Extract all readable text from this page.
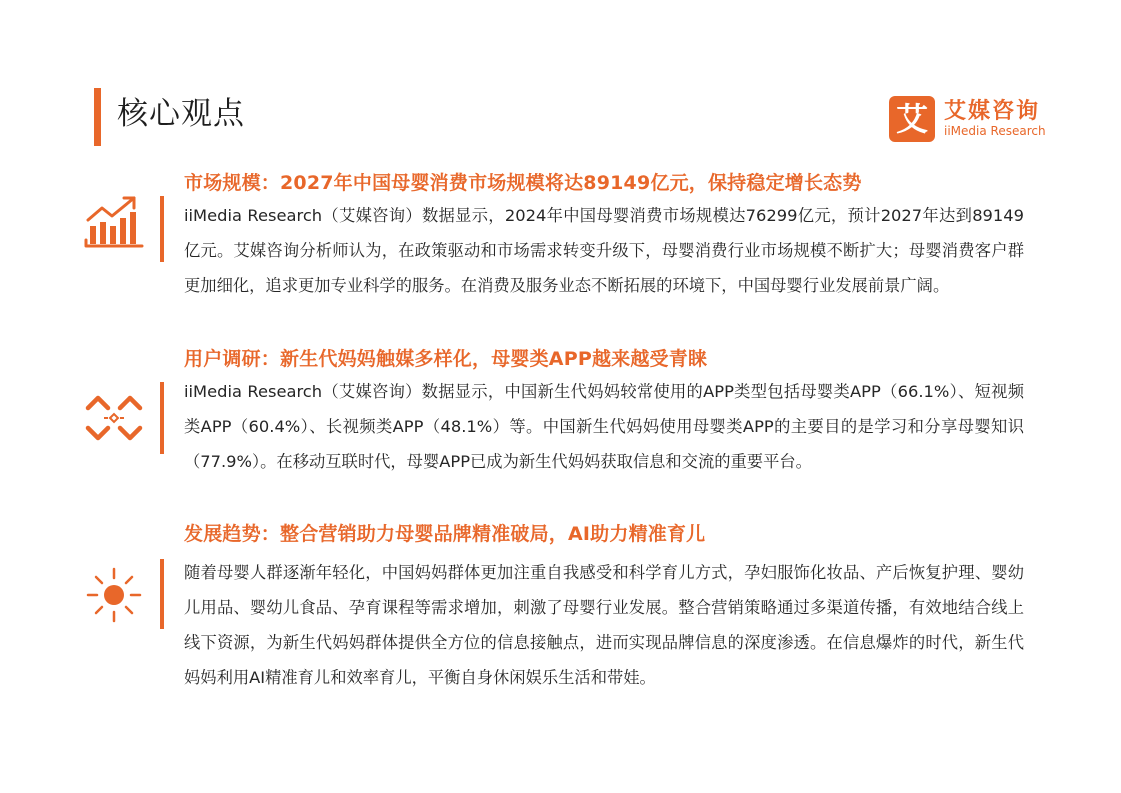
核心观点	艾 艾媒咨询
iiMedia Research
市场规模：2027年中国母婴消费市场规模将达89149亿元，保持稳定增长态势
iiMedia Research（艾媒咨询）数据显示，2024年中国母婴消费市场规模达76299亿元，预计2027年达到89149亿元。艾媒咨询分析师认为，在政策驱动和市场需求转变升级下，母婴消费行业市场规模不断扩大；母婴消费客户群更加细化，追求更加专业科学的服务。在消费及服务业态不断拓展的环境下，中国母婴行业发展前景广阔。
用户调研：新生代妈妈触媒多样化，母婴类APP越来越受青睐
iiMedia Research（艾媒咨询）数据显示，中国新生代妈妈较常使用的APP类型包括母婴类APP（66.1%）、短视频类APP（60.4%）、长视频类APP（48.1%）等。中国新生代妈妈使用母婴类APP的主要目的是学习和分享母婴知识（77.9%）。在移动互联时代，母婴APP已成为新生代妈妈获取信息和交流的重要平台。
发展趋势：整合营销助力母婴品牌精准破局，AI助力精准育儿
随着母婴人群逐渐年轻化，中国妈妈群体更加注重自我感受和科学育儿方式，孕妇服饰化妆品、产后恢复护理、婴幼儿用品、婴幼儿食品、孕育课程等需求增加，刺激了母婴行业发展。整合营销策略通过多渠道传播，有效地结合线上线下资源，为新生代妈妈群体提供全方位的信息接触点，进而实现品牌信息的深度渗透。在信息爆炸的时代，新生代妈妈利用AI精准育儿和效率育儿，平衡自身休闲娱乐生活和带娃。
